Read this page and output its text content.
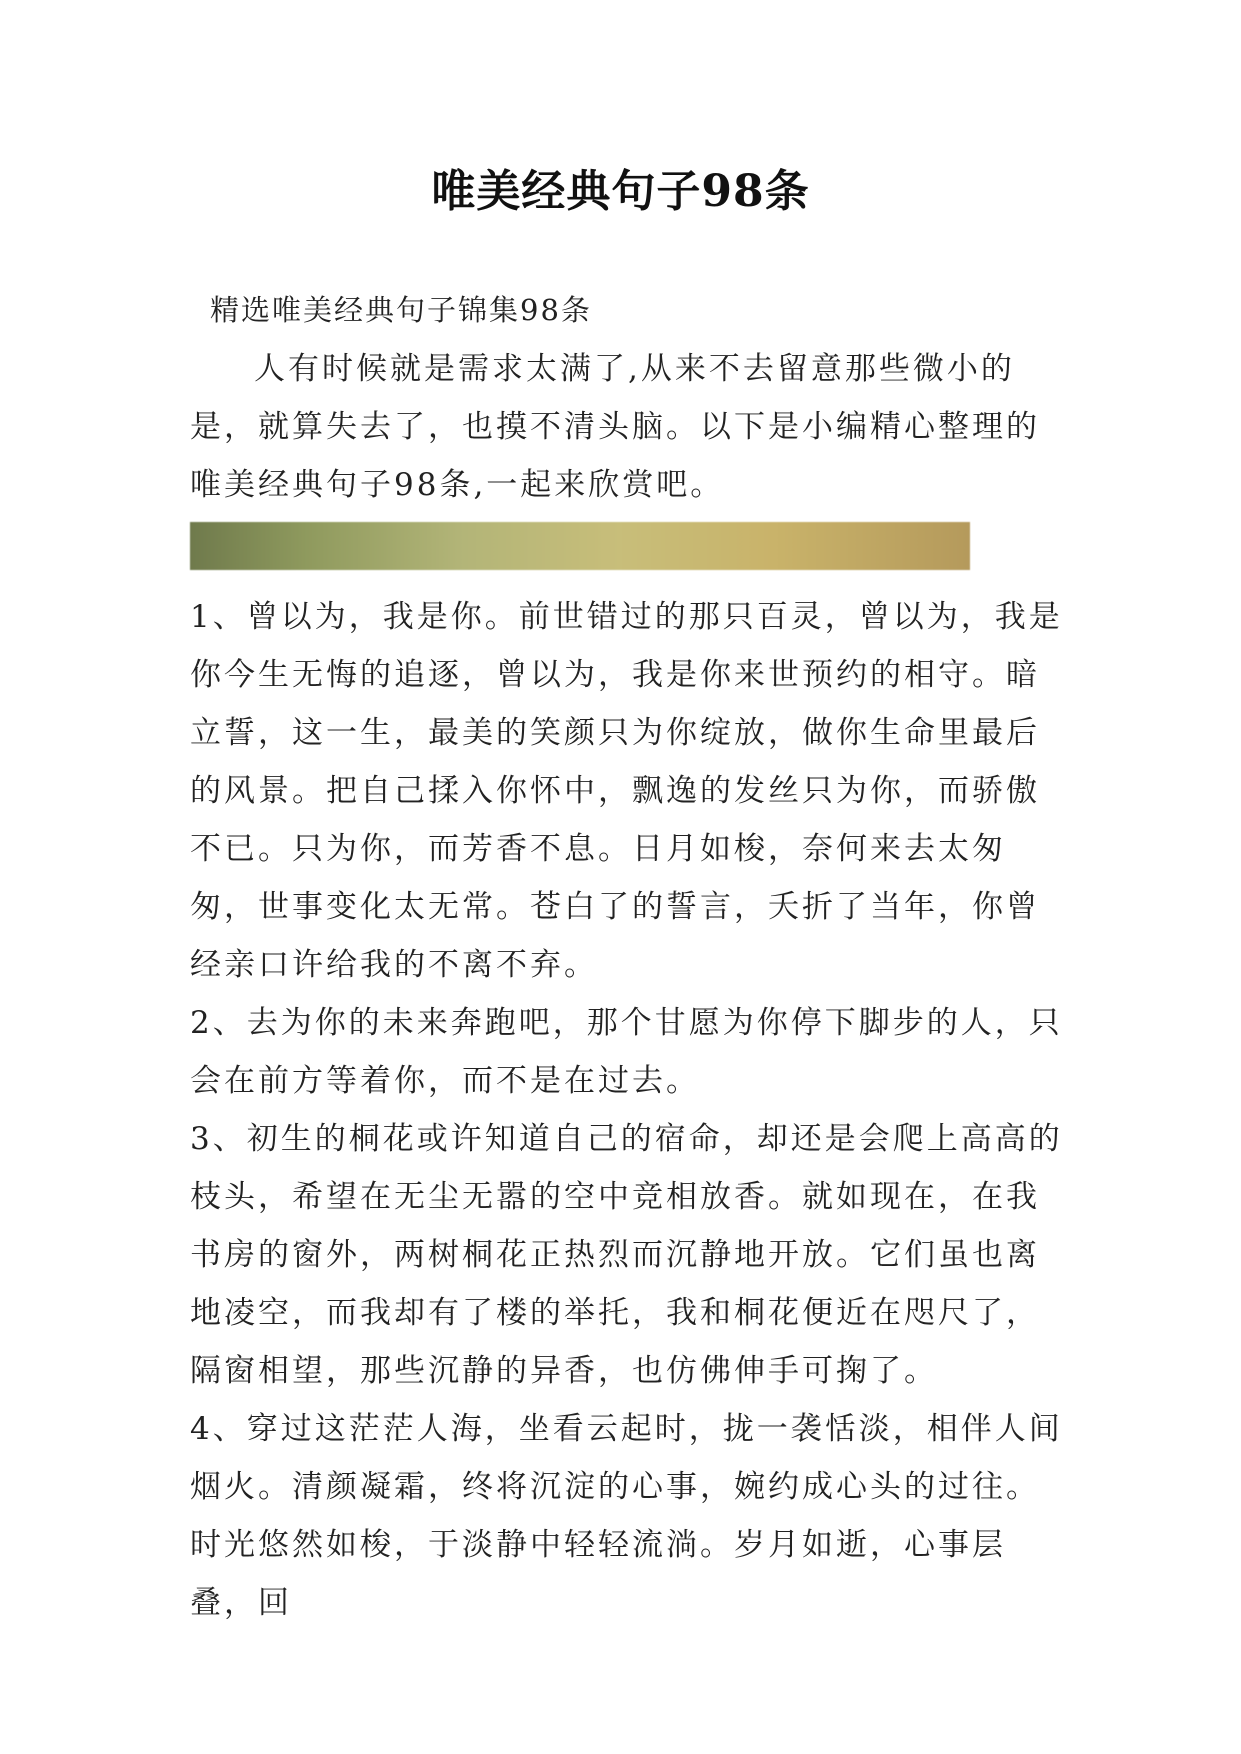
唯美经典句子98条
精选唯美经典句子锦集98条

人有时候就是需求太满了,从来不去留意那些微小的是，就算失去了，也摸不清头脑。以下是小编精心整理的唯美经典句子98条,一起来欣赏吧。

1、曾以为，我是你。前世错过的那只百灵，曾以为，我是你今生无悔的追逐，曾以为，我是你来世预约的相守。暗立誓，这一生，最美的笑颜只为你绽放，做你生命里最后的风景。把自己揉入你怀中，飘逸的发丝只为你，而骄傲不已。只为你，而芳香不息。日月如梭，奈何来去太匆匆，世事变化太无常。苍白了的誓言，夭折了当年，你曾经亲口许给我的不离不弃。

2、去为你的未来奔跑吧，那个甘愿为你停下脚步的人，只会在前方等着你，而不是在过去。

3、初生的桐花或许知道自己的宿命，却还是会爬上高高的枝头，希望在无尘无嚣的空中竞相放香。就如现在，在我书房的窗外，两树桐花正热烈而沉静地开放。它们虽也离地凌空，而我却有了楼的举托，我和桐花便近在咫尺了，隔窗相望，那些沉静的异香，也仿佛伸手可掬了。

4、穿过这茫茫人海，坐看云起时，拢一袭恬淡，相伴人间烟火。清颜凝霜，终将沉淀的心事，婉约成心头的过往。时光悠然如梭，于淡静中轻轻流淌。岁月如逝，心事层叠，回
